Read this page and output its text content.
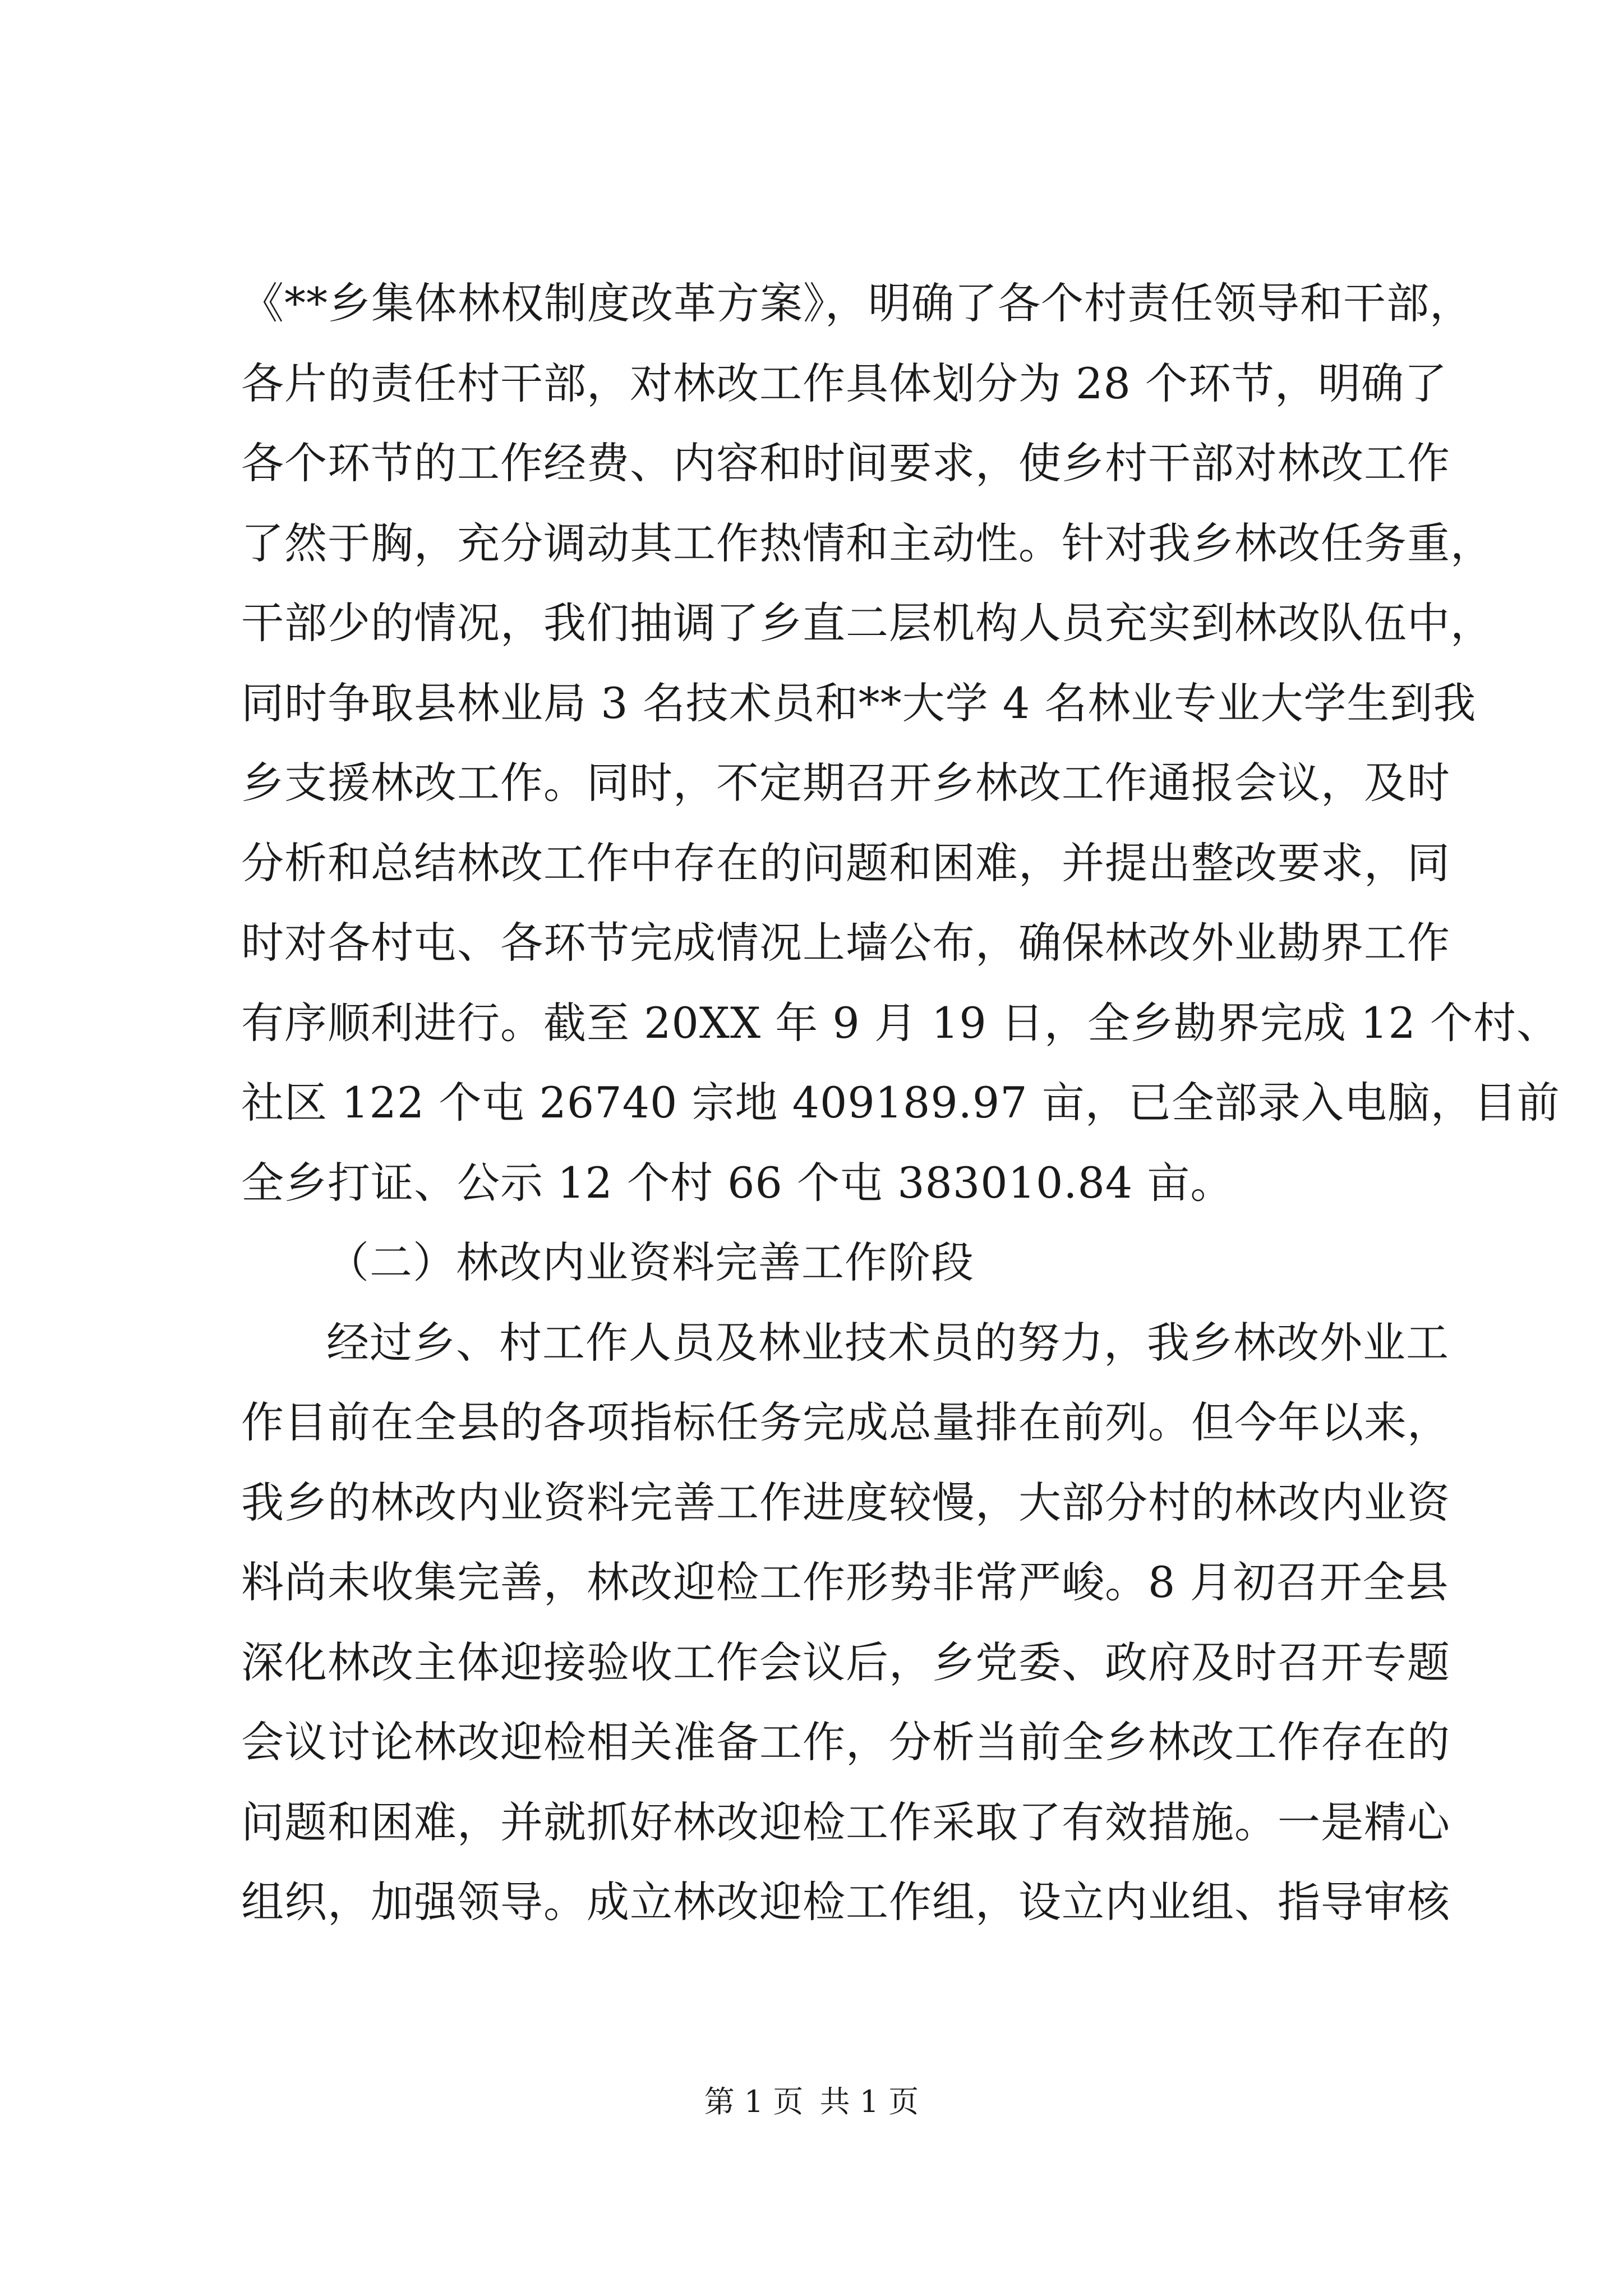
《**乡集体林权制度改革方案》，明确了各个村责任领导和干部，
各片的责任村干部，对林改工作具体划分为 28 个环节，明确了
各个环节的工作经费、内容和时间要求，使乡村干部对林改工作
了然于胸，充分调动其工作热情和主动性。针对我乡林改任务重，
干部少的情况，我们抽调了乡直二层机构人员充实到林改队伍中，
同时争取县林业局 3 名技术员和**大学 4 名林业专业大学生到我
乡支援林改工作。同时，不定期召开乡林改工作通报会议，及时
分析和总结林改工作中存在的问题和困难，并提出整改要求，同
时对各村屯、各环节完成情况上墙公布，确保林改外业勘界工作
有序顺利进行。截至 20XX 年 9 月 19 日，全乡勘界完成 12 个村、
社区 122 个屯 26740 宗地 409189.97 亩，已全部录入电脑，目前
全乡打证、公示 12 个村 66 个屯 383010.84 亩。
（二）林改内业资料完善工作阶段
经过乡、村工作人员及林业技术员的努力，我乡林改外业工
作目前在全县的各项指标任务完成总量排在前列。但今年以来，
我乡的林改内业资料完善工作进度较慢，大部分村的林改内业资
料尚未收集完善，林改迎检工作形势非常严峻。8 月初召开全县
深化林改主体迎接验收工作会议后，乡党委、政府及时召开专题
会议讨论林改迎检相关准备工作，分析当前全乡林改工作存在的
问题和困难，并就抓好林改迎检工作采取了有效措施。一是精心
组织，加强领导。成立林改迎检工作组，设立内业组、指导审核
第 1 页 共 1 页
